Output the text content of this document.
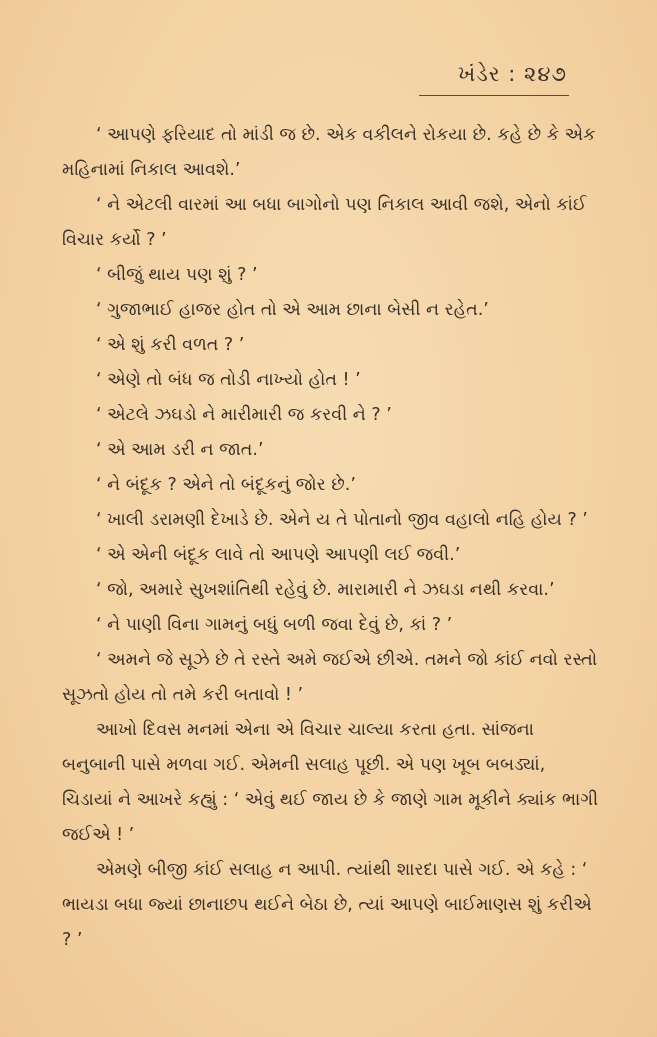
ખંડેર : ૨૪૭

‘ આપણે ફરિયાદ તો માંડી જ છે. એક વકીલને રોકયા છે. કહે છે કે એક મહિનામાં નિકાલ આવશે.’

‘ ને એટલી વારમાં આ બધા બાગોનો પણ નિકાલ આવી જશે, એનો કાંઈ વિચાર કર્યો ? ’

‘ બીજું થાય પણ શું ? ’

‘ ગુજાભાઈ હાજર હોત તો એ આમ છાના બેસી ન રહેત.’

‘ એ શું કરી વળત ? ’

‘ એણે તો બંધ જ તોડી નાખ્યો હોત ! ’

‘ એટલે ઝઘડો ને મારીમારી જ કરવી ને ? ’

‘ એ આમ ડરી ન જાત.’

‘ ને બંદૂક ? એને તો બંદૂકનું જોર છે.’

‘ ખાલી ડરામણી દેખાડે છે. એને ય તે પોતાનો જીવ વહાલો નહિ હોય ? ’

‘ એ એની બંદૂક લાવે તો આપણે આપણી લઈ જવી.’

‘ જો, અમારે સુખશાંતિથી રહેવું છે. મારામારી ને ઝઘડા નથી કરવા.’

‘ ને પાણી વિના ગામનું બધું બળી જવા દેવું છે, કાં ? ’

‘ અમને જે સૂઝે છે તે રસ્તે અમે જઈએ છીએ. તમને જો કાંઈ નવો રસ્તો સૂઝતો હોય તો તમે કરી બતાવો ! ’

આખો દિવસ મનમાં એના એ વિચાર ચાલ્યા કરતા હતા. સાંજના બનુબાની પાસે મળવા ગઈ. એમની સલાહ પૂછી. એ પણ ખૂબ બબડ્યાં, ચિડાયાં ને આખરે કહ્યું : ‘ એવું થઈ જાય છે કે જાણે ગામ મૂકીને ક્યાંક ભાગી જઈએ ! ’

એમણે બીજી કાંઈ સલાહ ન આપી. ત્યાંથી શારદા પાસે ગઈ. એ કહે : ‘ ભાયડા બધા જ્યાં છાનાછપ થઈને બેઠા છે, ત્યાં આપણે બાઈમાણસ શું કરીએ ? ’
